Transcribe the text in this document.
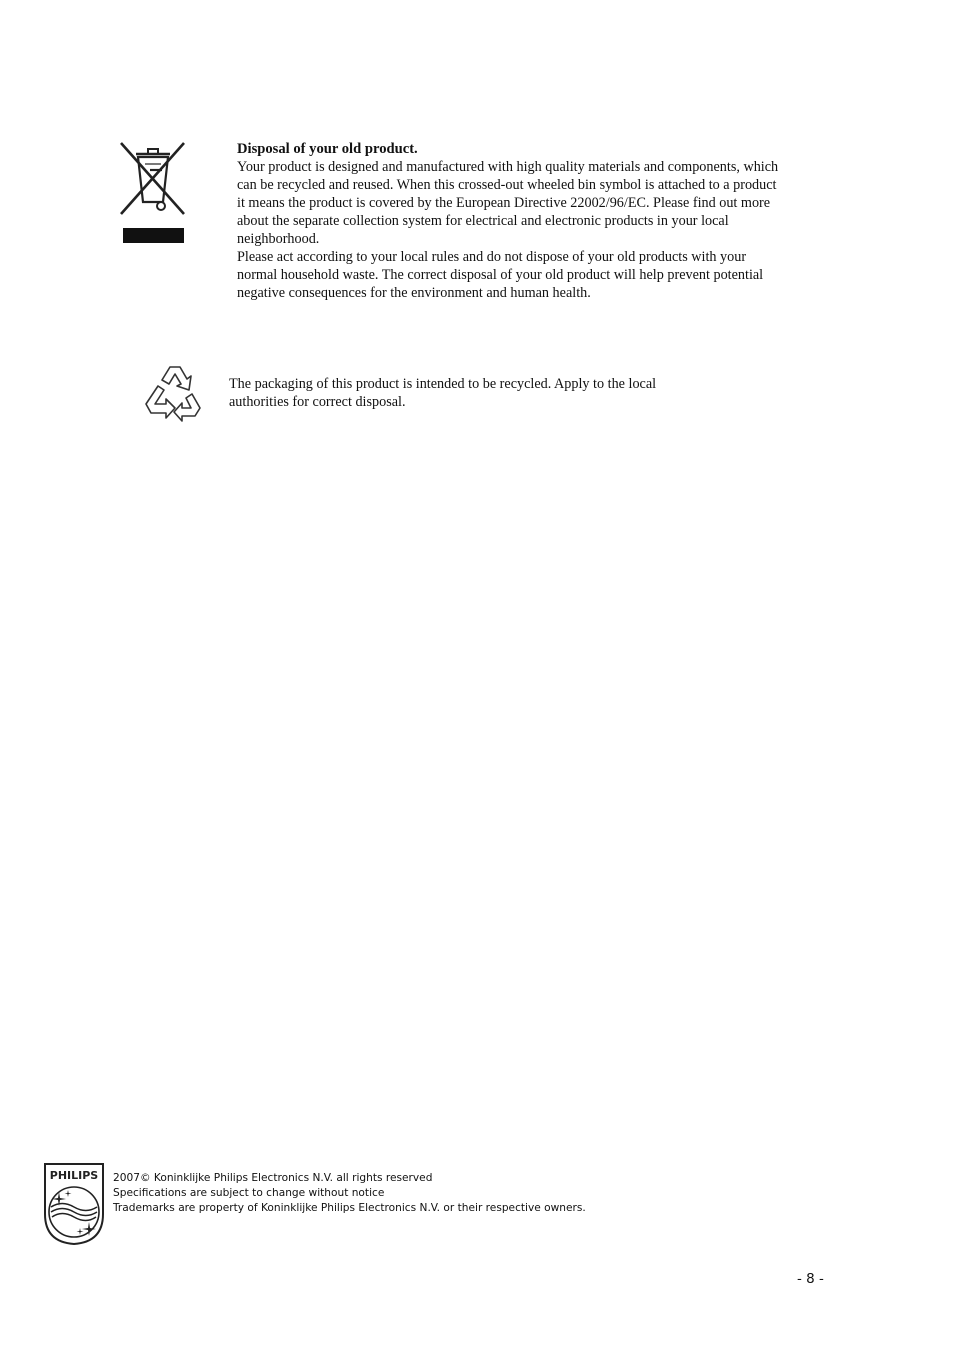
Disposal of your old product.

Your product is designed and manufactured with high quality materials and components, which can be recycled and reused. When this crossed-out wheeled bin symbol is attached to a product it means the product is covered by the European Directive 22002/96/EC. Please find out more about the separate collection system for electrical and electronic products in your local neighborhood.

Please act according to your local rules and do not dispose of your old products with your normal household waste. The correct disposal of your old product will help prevent potential negative consequences for the environment and human health.

The packaging of this product is intended to be recycled. Apply to the local authorities for correct disposal.

PHILIPS 2007© Koninklijke Philips Electronics N.V. all rights reserved
Specifications are subject to change without notice
Trademarks are property of Koninklijke Philips Electronics N.V. or their respective owners.
- 8 -
